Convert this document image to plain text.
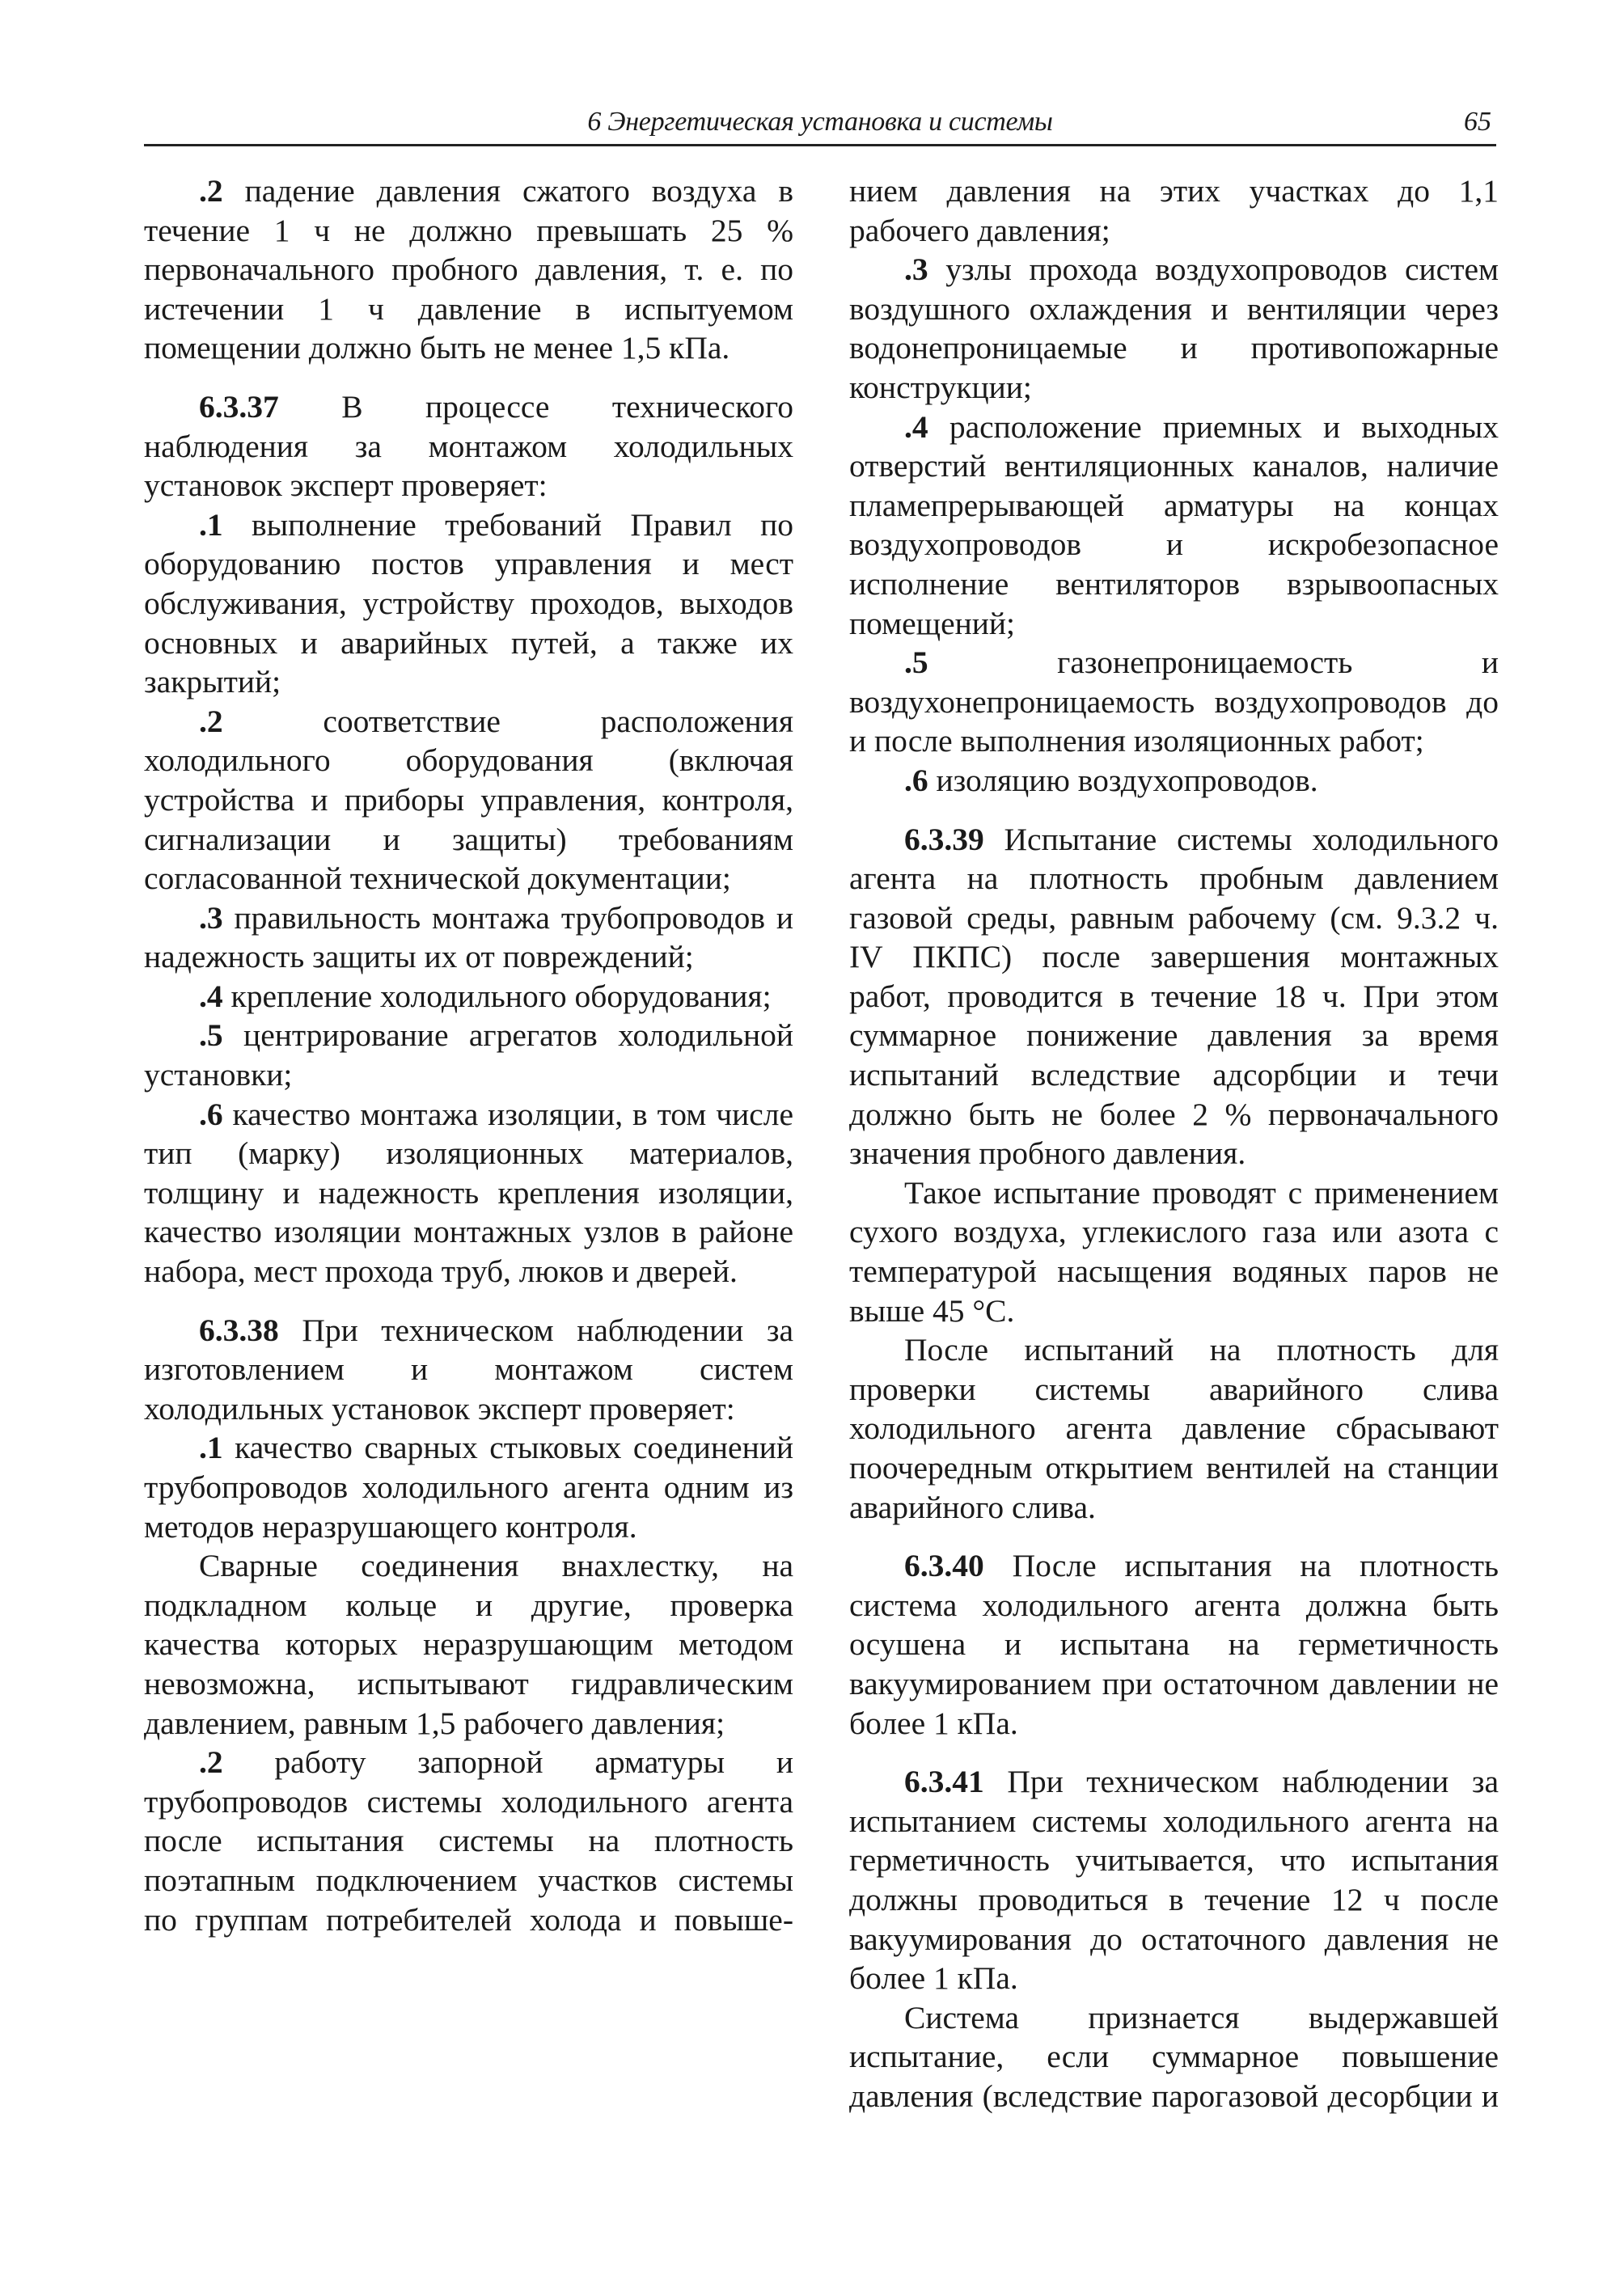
6 Энергетическая установка и системы	65

.2 падение давления сжатого воздуха в течение 1 ч не должно превышать 25 % первоначального пробного давления, т. е. по истечении 1 ч давление в испытуемом помещении должно быть не менее 1,5 кПа.

6.3.37 В процессе технического наблюдения за монтажом холодильных установок эксперт проверяет:

.1 выполнение требований Правил по оборудованию постов управления и мест обслуживания, устройству проходов, выходов основных и аварийных путей, а также их закрытий;

.2 соответствие расположения холодильного оборудования (включая устройства и приборы управления, контроля, сигнализации и защиты) требованиям согласованной технической документации;

.3 правильность монтажа трубопроводов и надежность защиты их от повреждений;

.4 крепление холодильного оборудования;

.5 центрирование агрегатов холодильной установки;

.6 качество монтажа изоляции, в том числе тип (марку) изоляционных материалов, толщину и надежность крепления изоляции, качество изоляции монтажных узлов в районе набора, мест прохода труб, люков и дверей.

6.3.38 При техническом наблюдении за изготовлением и монтажом систем холодильных установок эксперт проверяет:

.1 качество сварных стыковых соединений трубопроводов холодильного агента одним из методов неразрушающего контроля.

Сварные соединения внахлестку, на подкладном кольце и другие, проверка качества которых неразрушающим методом невозможна, испытывают гидравлическим давлением, равным 1,5 рабочего давления;

.2 работу запорной арматуры и трубопроводов системы холодильного агента после испытания системы на плотность поэтапным подключением участков системы по группам потребителей холода и повыше-

нием давления на этих участках до 1,1 рабочего давления;

.3 узлы прохода воздухопроводов систем воздушного охлаждения и вентиляции через водонепроницаемые и противопожарные конструкции;

.4 расположение приемных и выходных отверстий вентиляционных каналов, наличие пламепрерывающей арматуры на концах воздухопроводов и искробезопасное исполнение вентиляторов взрывоопасных помещений;

.5 газонепроницаемость и воздухонепроницаемость воздухопроводов до и после выполнения изоляционных работ;

.6 изоляцию воздухопроводов.

6.3.39 Испытание системы холодильного агента на плотность пробным давлением газовой среды, равным рабочему (см. 9.3.2 ч. IV ПКПС) после завершения монтажных работ, проводится в течение 18 ч. При этом суммарное понижение давления за время испытаний вследствие адсорбции и течи должно быть не более 2 % первоначального значения пробного давления.

Такое испытание проводят с применением сухого воздуха, углекислого газа или азота с температурой насыщения водяных паров не выше 45 °С.

После испытаний на плотность для проверки системы аварийного слива холодильного агента давление сбрасывают поочередным открытием вентилей на станции аварийного слива.

6.3.40 После испытания на плотность система холодильного агента должна быть осушена и испытана на герметичность вакуумированием при остаточном давлении не более 1 кПа.

6.3.41 При техническом наблюдении за испытанием системы холодильного агента на герметичность учитывается, что испытания должны проводиться в течение 12 ч после вакуумирования до остаточного давления не более 1 кПа.

Система признается выдержавшей испытание, если суммарное повышение давления (вследствие парогазовой десорбции и
